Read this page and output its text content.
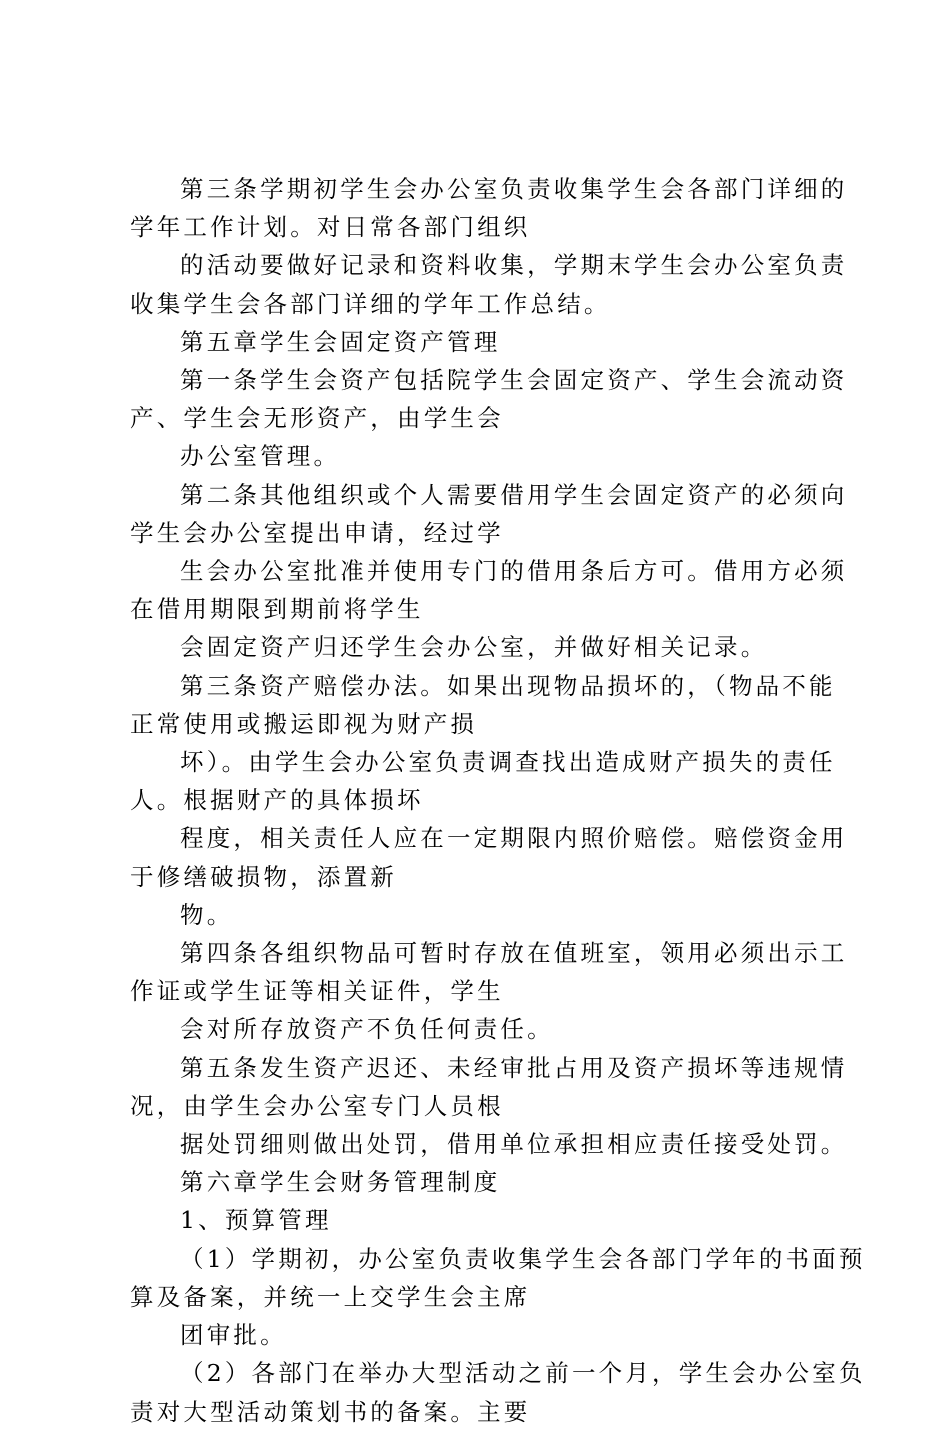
第三条学期初学生会办公室负责收集学生会各部门详细的
学年工作计划。对日常各部门组织
的活动要做好记录和资料收集，学期末学生会办公室负责
收集学生会各部门详细的学年工作总结。
第五章学生会固定资产管理
第一条学生会资产包括院学生会固定资产、学生会流动资
产、学生会无形资产，由学生会
办公室管理。
第二条其他组织或个人需要借用学生会固定资产的必须向
学生会办公室提出申请，经过学
生会办公室批准并使用专门的借用条后方可。借用方必须
在借用期限到期前将学生
会固定资产归还学生会办公室，并做好相关记录。
第三条资产赔偿办法。如果出现物品损坏的，（物品不能
正常使用或搬运即视为财产损
坏）。由学生会办公室负责调查找出造成财产损失的责任
人。根据财产的具体损坏
程度，相关责任人应在一定期限内照价赔偿。赔偿资金用
于修缮破损物，添置新
物。
第四条各组织物品可暂时存放在值班室，领用必须出示工
作证或学生证等相关证件，学生
会对所存放资产不负任何责任。
第五条发生资产迟还、未经审批占用及资产损坏等违规情
况，由学生会办公室专门人员根
据处罚细则做出处罚，借用单位承担相应责任接受处罚。
第六章学生会财务管理制度
1、预算管理
（1）学期初，办公室负责收集学生会各部门学年的书面预
算及备案，并统一上交学生会主席
团审批。
（2）各部门在举办大型活动之前一个月，学生会办公室负
责对大型活动策划书的备案。主要
